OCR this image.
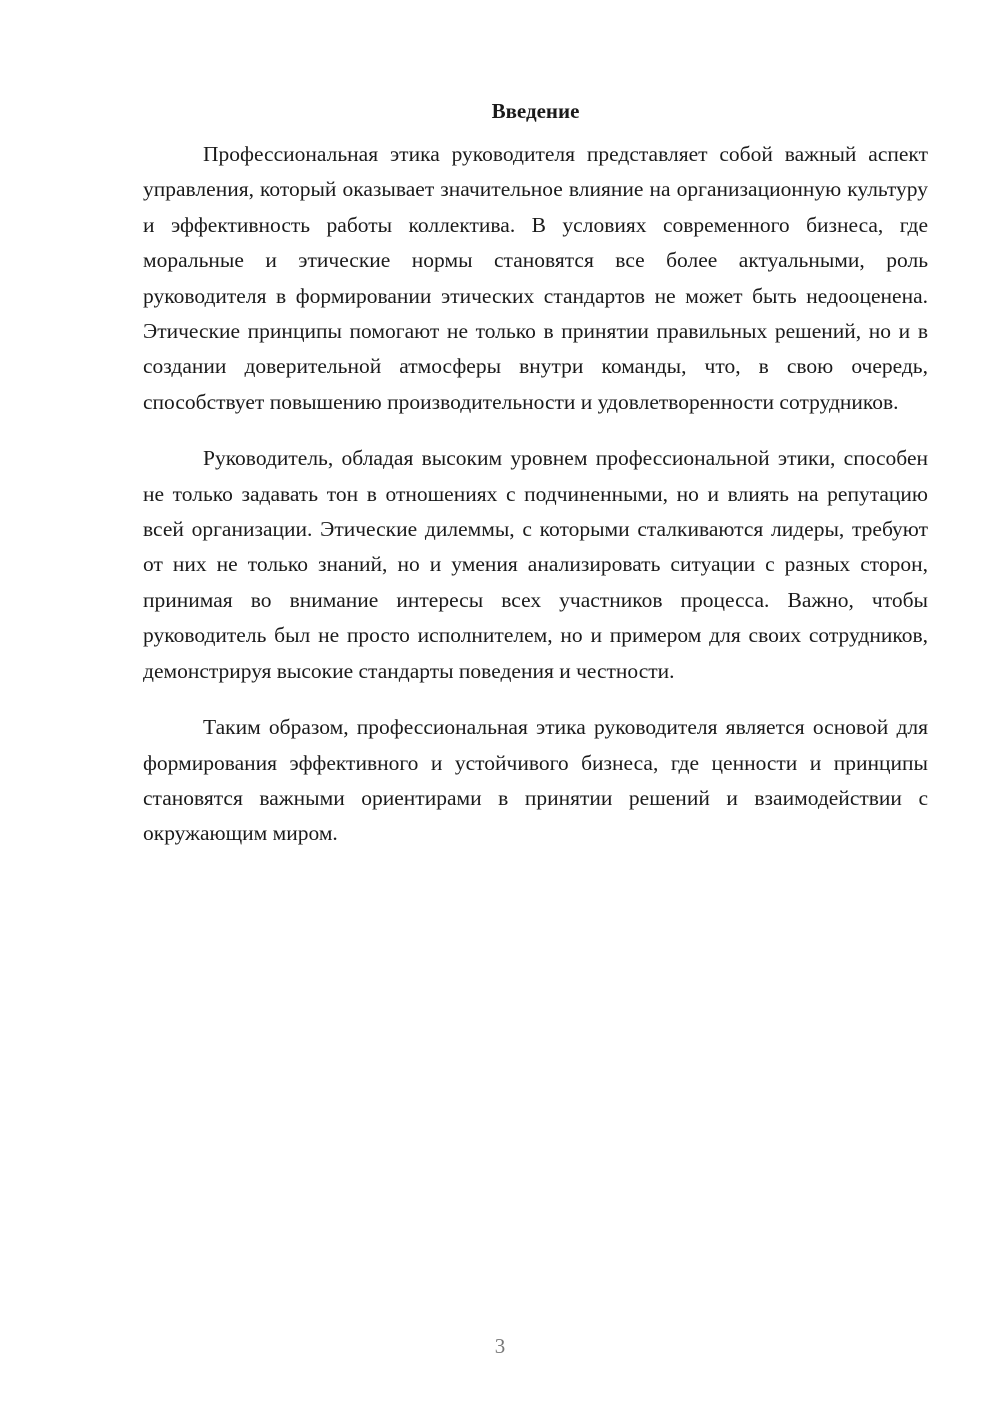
Введение

Профессиональная этика руководителя представляет собой важный аспект управления, который оказывает значительное влияние на организационную культуру и эффективность работы коллектива. В условиях современного бизнеса, где моральные и этические нормы становятся все более актуальными, роль руководителя в формировании этических стандартов не может быть недооценена. Этические принципы помогают не только в принятии правильных решений, но и в создании доверительной атмосферы внутри команды, что, в свою очередь, способствует повышению производительности и удовлетворенности сотрудников.

Руководитель, обладая высоким уровнем профессиональной этики, способен не только задавать тон в отношениях с подчиненными, но и влиять на репутацию всей организации. Этические дилеммы, с которыми сталкиваются лидеры, требуют от них не только знаний, но и умения анализировать ситуации с разных сторон, принимая во внимание интересы всех участников процесса. Важно, чтобы руководитель был не просто исполнителем, но и примером для своих сотрудников, демонстрируя высокие стандарты поведения и честности.

Таким образом, профессиональная этика руководителя является основой для формирования эффективного и устойчивого бизнеса, где ценности и принципы становятся важными ориентирами в принятии решений и взаимодействии с окружающим миром.

3
